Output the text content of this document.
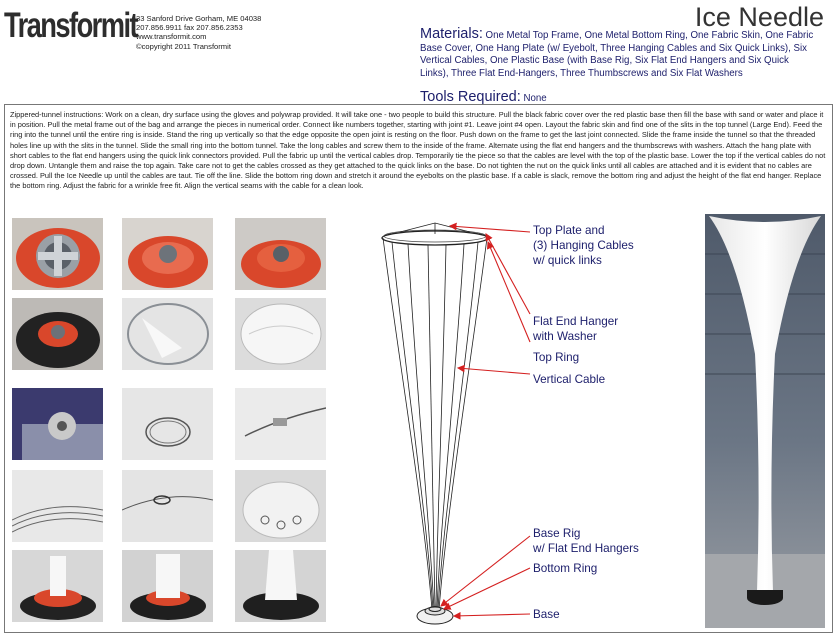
Transformit
33 Sanford Drive Gorham, ME 04038
207.856.9911 fax 207.856.2353
www.transformit.com
©copyright 2011 Transformit
Ice Needle
Materials: One Metal Top Frame, One Metal Bottom Ring, One Fabric Skin, One Fabric Base Cover, One Hang Plate (w/ Eyebolt, Three Hanging Cables and Six Quick Links), Six Vertical Cables, One Plastic Base (with Base Rig, Six Flat End Hangers and Six Quick Links), Three Flat End-Hangers, Three Thumbscrews and Six Flat Washers
Tools Required: None
Zippered-tunnel instructions: Work on a clean, dry surface using the gloves and polywrap provided. It will take one - two people to build this structure. Pull the black fabric cover over the red plastic base then fill the base with sand or water and place it in position. Pull the metal frame out of the bag and arrange the pieces in numerical order. Connect like numbers together, starting with joint #1. Leave joint #4 open. Layout the fabric skin and find one of the slits in the top tunnel (Large End). Feed the ring into the tunnel until the entire ring is inside. Stand the ring up vertically so that the edge opposite the open joint is resting on the floor. Push down on the frame to get the last joint connected. Slide the frame inside the tunnel so that the threaded holes line up with the slits in the tunnel. Slide the small ring into the bottom tunnel. Take the long cables and screw them to the inside of the frame. Alternate using the flat end hangers and the thumbscrews with washers. Attach the hang plate with short cables to the flat end hangers using the quick link connectors provided. Pull the fabric up until the vertical cables drop. Temporarily tie the piece so that the cables are level with the top of the plastic base. Lower the top if the vertical cables do not drop down. Untangle them and raise the top again. Take care not to get the cables crossed as they get attached to the quick links on the base. Do not tighten the nut on the quick links until all cables are attached and it is evident that no cables are crossed. Pull the Ice Needle up until the cables are taut. Tie off the line. Slide the bottom ring down and stretch it around the eyebolts on the plastic base. If a cable is slack, remove the bottom ring and adjust the height of the flat end hanger. Replace the bottom ring. Adjust the fabric for a wrinkle free fit. Align the vertical seams with the cable for a clean look.
Top Plate and
(3) Hanging Cables
w/ quick links
Flat End Hanger
with Washer
Top Ring
Vertical Cable
Base Rig
w/ Flat End Hangers
Bottom Ring
Base
